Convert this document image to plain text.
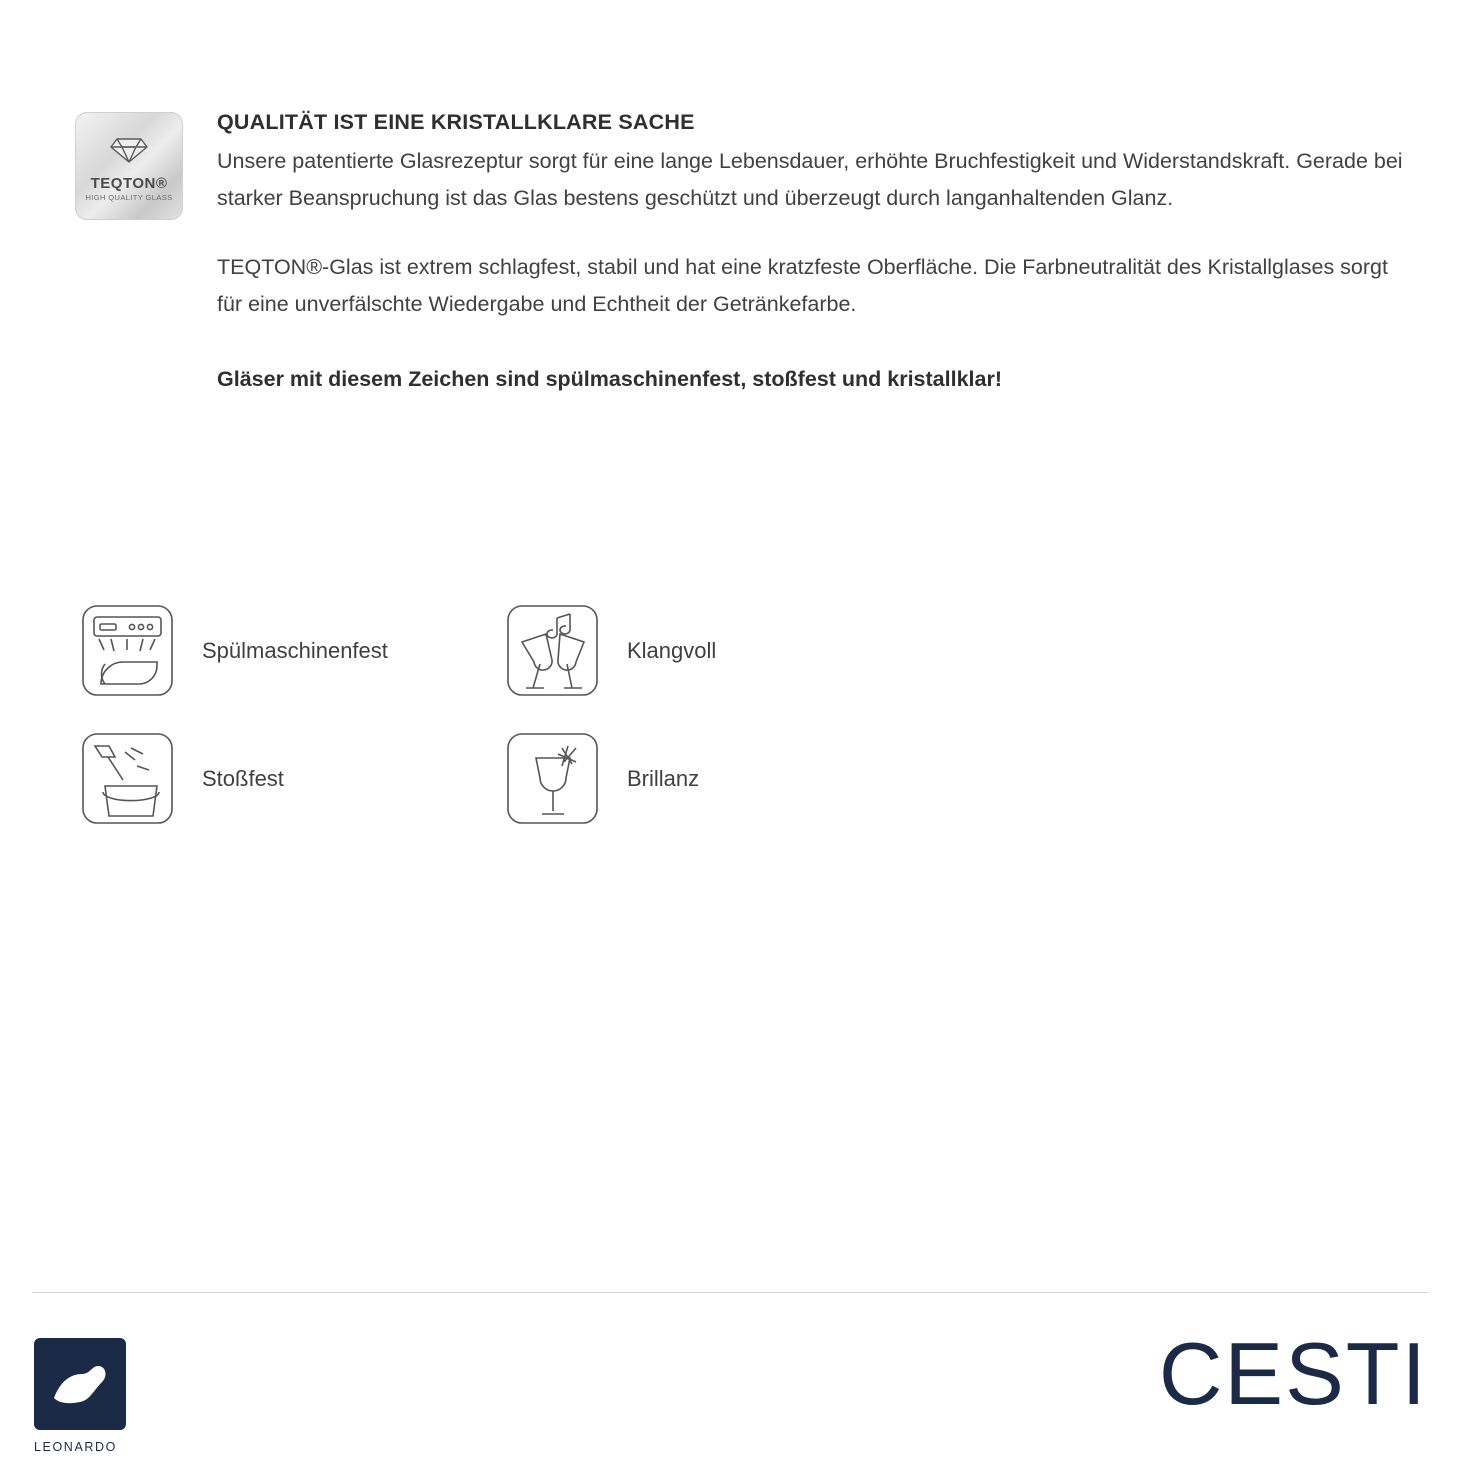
TEQTON®
HIGH QUALITY GLASS
QUALITÄT IST EINE KRISTALLKLARE SACHE

Unsere patentierte Glasrezeptur sorgt für eine lange Lebensdauer, erhöhte Bruchfestigkeit und Widerstandskraft. Gerade bei starker Beanspruchung ist das Glas bestens geschützt und überzeugt durch langanhaltenden Glanz.

TEQTON®-Glas ist extrem schlagfest, stabil und hat eine kratzfeste Oberfläche. Die Farbneutralität des Kristallglases sorgt für eine unverfälschte Wiedergabe und Echtheit der Getränkefarbe.

Gläser mit diesem Zeichen sind spülmaschinenfest, stoßfest und kristallklar!

Spülmaschinenfest	Klangvoll
Stoßfest	Brillanz
LEONARDO
CESTI
